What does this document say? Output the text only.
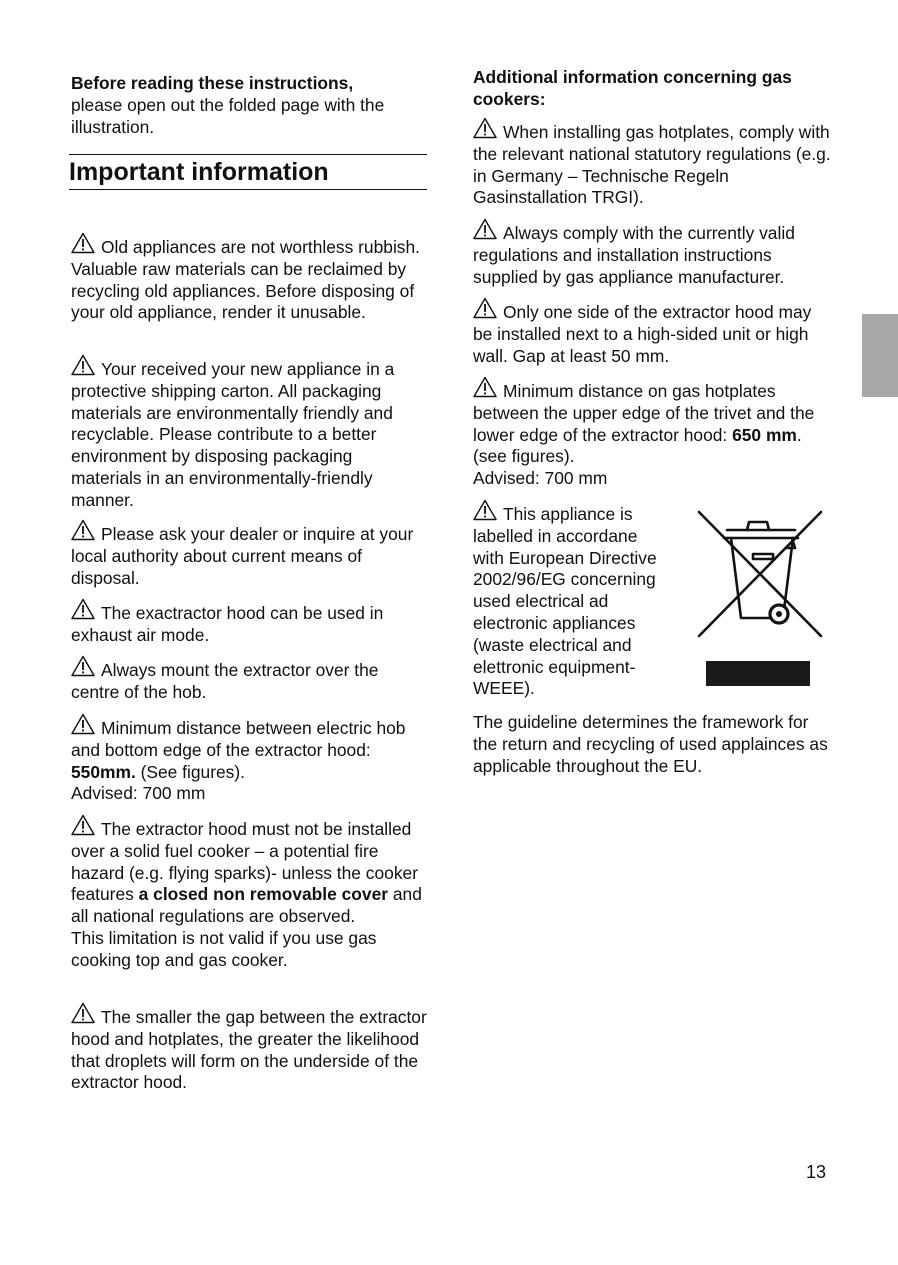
Before reading these instructions,
please open out the folded page with the illustration.

Important information

Old appliances are not worthless rubbish. Valuable raw materials can be reclaimed by recycling old appliances. Before disposing of your old appliance, render it unusable.

Your received your new appliance in a protective shipping carton. All packaging materials are environmentally friendly and recyclable. Please contribute to a better environment by disposing packaging materials in an environmentally-friendly manner.

Please ask your dealer or inquire at your local authority about current means of disposal.

The exactractor hood can be used in exhaust air mode.

Always mount the extractor over the centre of the hob.

Minimum distance between electric hob and bottom edge of the extractor hood: 550mm. (See figures).
Advised: 700 mm

The extractor hood must not be installed over a solid fuel cooker – a potential fire hazard (e.g. flying sparks)- unless the cooker features a closed non removable cover and all national regulations are observed.
This limitation is not valid if you use gas cooking top and gas cooker.

The smaller the gap between the extractor hood and hotplates, the greater the likelihood that droplets will form on the underside of the extractor hood.

Additional information concerning gas cookers:

When installing gas hotplates, comply with the relevant national statutory regulations (e.g. in Germany – Technische Regeln Gasinstallation TRGI).

Always comply with the currently valid regulations and installation instructions supplied by gas appliance manufacturer.

Only one side of the extractor hood may be installed next to a high-sided unit or high wall. Gap at least 50 mm.

Minimum distance on gas hotplates between the upper edge of the trivet and the lower edge of the extractor hood: 650 mm. (see figures).
Advised: 700 mm

This appliance is
labelled in accordane
with European Directive
2002/96/EG concerning
used electrical ad
electronic appliances
(waste electrical and
elettronic equipment-
WEEE).

The guideline determines the framework for the return and recycling of used applainces as applicable throughout the EU.

13
